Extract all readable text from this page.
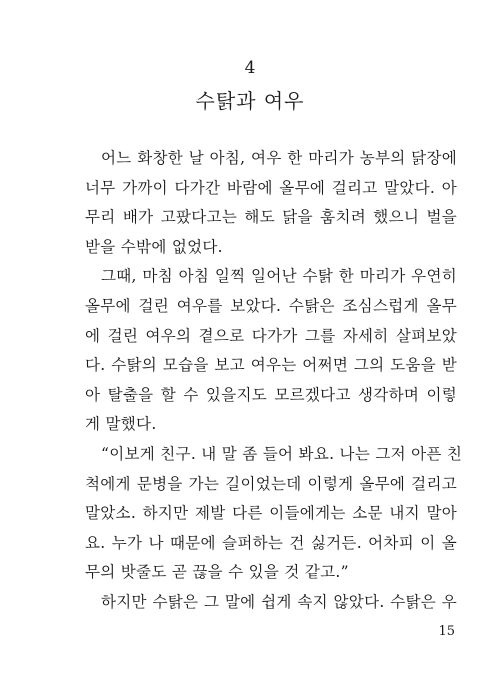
4
수탉과 여우
어느 화창한 날 아침, 여우 한 마리가 농부의 닭장에
너무 가까이 다가간 바람에 올무에 걸리고 말았다. 아
무리 배가 고팠다고는 해도 닭을 훔치려 했으니 벌을
받을 수밖에 없었다.
그때, 마침 아침 일찍 일어난 수탉 한 마리가 우연히
올무에 걸린 여우를 보았다. 수탉은 조심스럽게 올무
에 걸린 여우의 곁으로 다가가 그를 자세히 살펴보았
다. 수탉의 모습을 보고 여우는 어쩌면 그의 도움을 받
아 탈출을 할 수 있을지도 모르겠다고 생각하며 이렇
게 말했다.
“이보게 친구. 내 말 좀 들어 봐요. 나는 그저 아픈 친
척에게 문병을 가는 길이었는데 이렇게 올무에 걸리고
말았소. 하지만 제발 다른 이들에게는 소문 내지 말아
요. 누가 나 때문에 슬퍼하는 건 싫거든. 어차피 이 올
무의 밧줄도 곧 끊을 수 있을 것 같고.”
하지만 수탉은 그 말에 쉽게 속지 않았다. 수탉은 우
15
